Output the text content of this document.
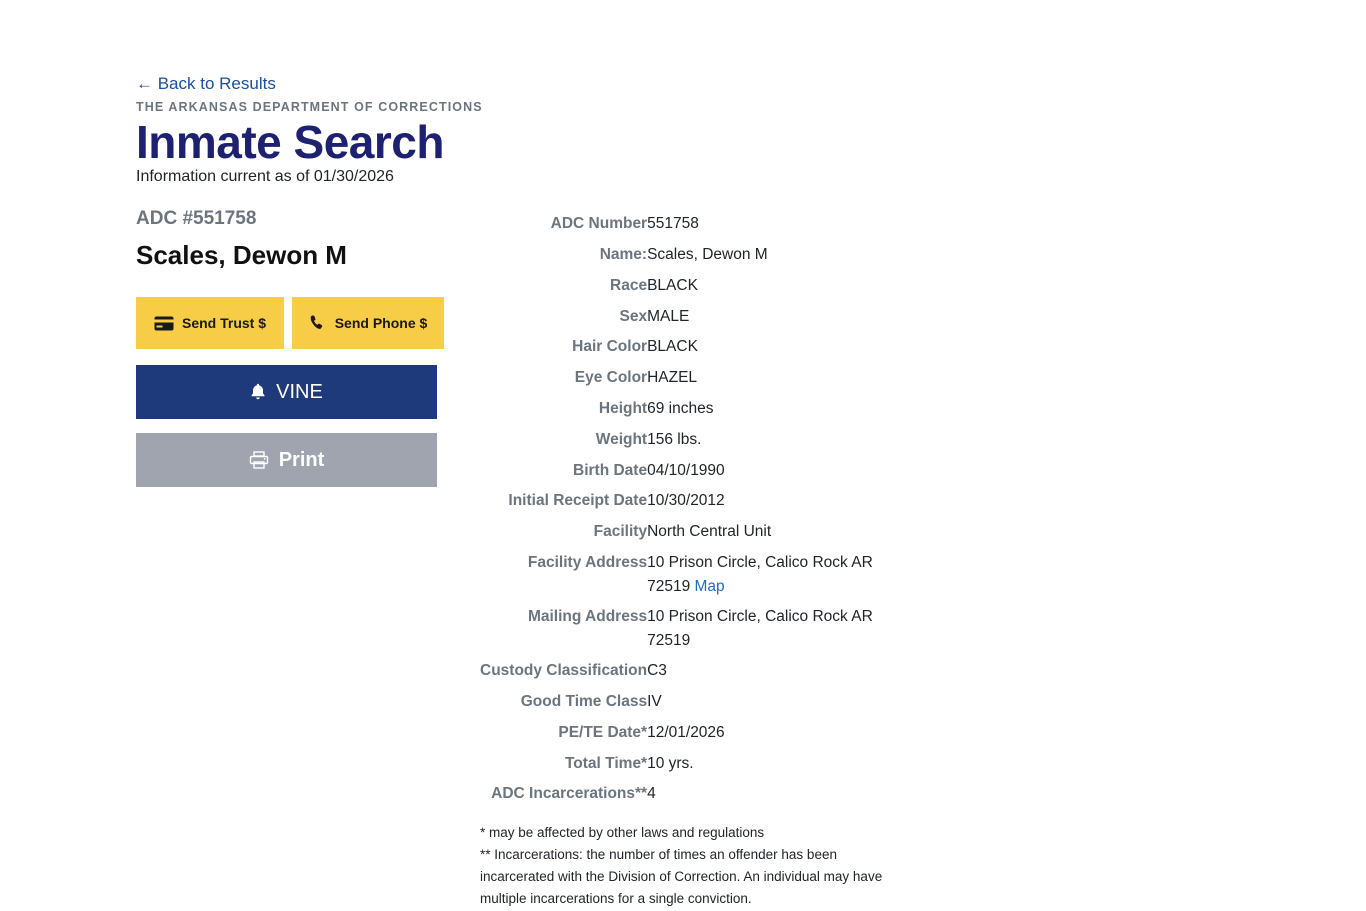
← Back to Results
THE ARKANSAS DEPARTMENT OF CORRECTIONS
Inmate Search
Information current as of 01/30/2026
ADC #551758
Scales, Dewon M
Send Trust $	Send Phone $
VINE
Print
ADC Number	551758
Name:	Scales, Dewon M
Race	BLACK
Sex	MALE
Hair Color	BLACK
Eye Color	HAZEL
Height	69 inches
Weight	156 lbs.
Birth Date	04/10/1990
Initial Receipt Date	10/30/2012
Facility	North Central Unit
Facility Address	10 Prison Circle, Calico Rock AR 72519 Map
Mailing Address	10 Prison Circle, Calico Rock AR 72519
Custody Classification	C3
Good Time Class	IV
PE/TE Date*	12/01/2026
Total Time*	10 yrs.
ADC Incarcerations**	4
* may be affected by other laws and regulations
** Incarcerations: the number of times an offender has been
incarcerated with the Division of Correction. An individual may have
multiple incarcerations for a single conviction.
